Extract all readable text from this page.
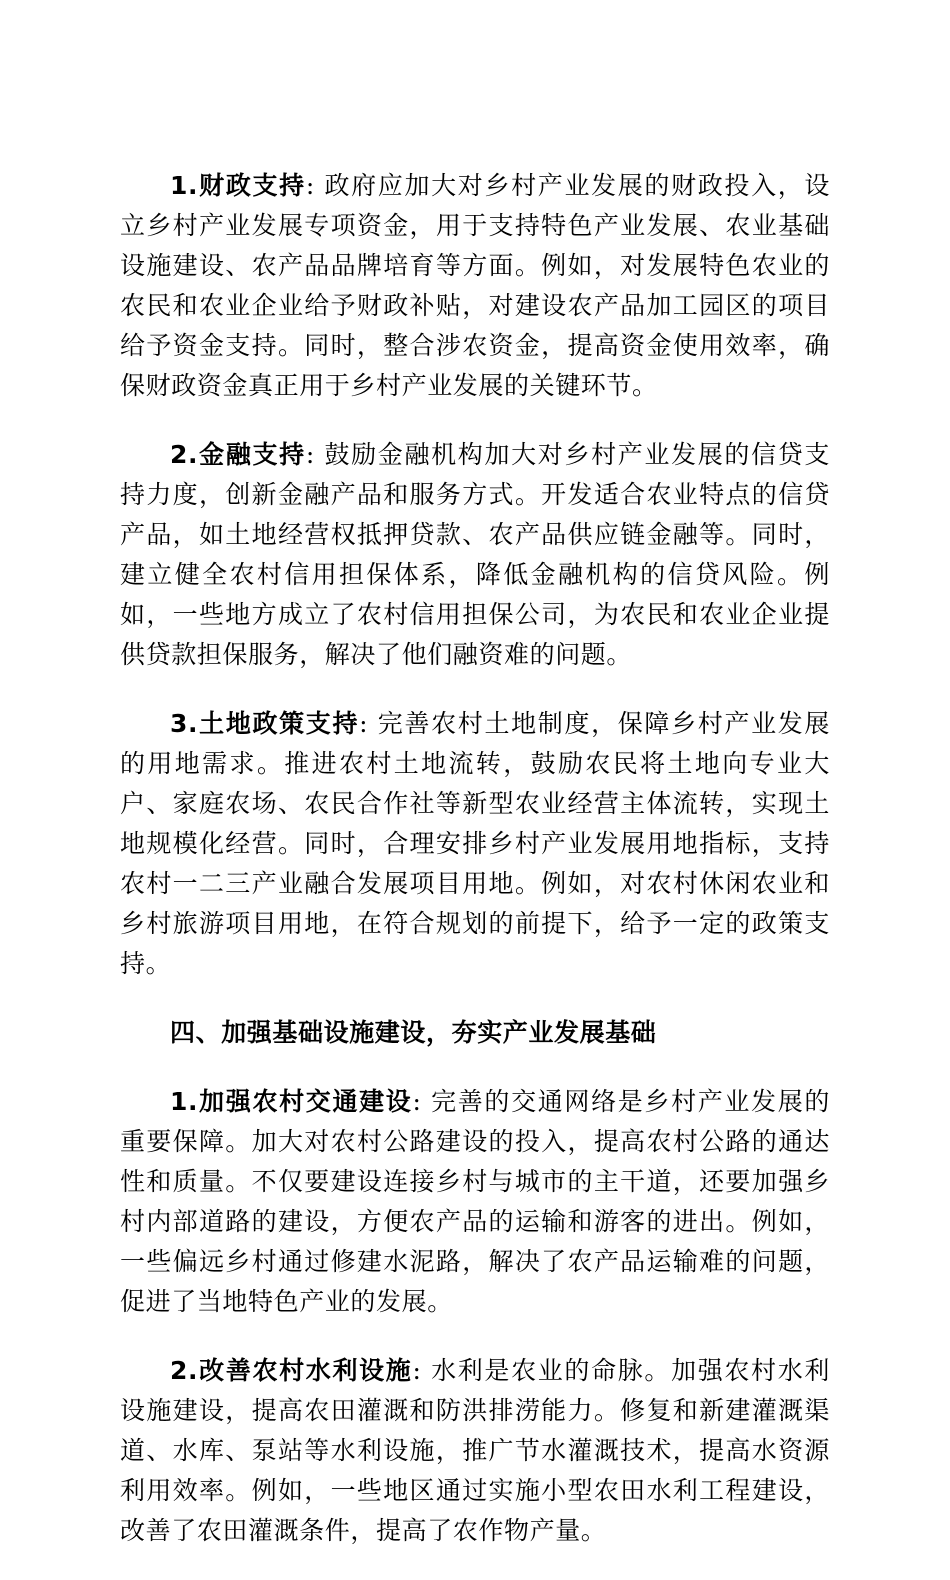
1.财政支持: 政府应加大对乡村产业发展的财政投入，设立乡村产业发展专项资金，用于支持特色产业发展、农业基础设施建设、农产品品牌培育等方面。例如，对发展特色农业的农民和农业企业给予财政补贴，对建设农产品加工园区的项目给予资金支持。同时，整合涉农资金，提高资金使用效率，确保财政资金真正用于乡村产业发展的关键环节。

2.金融支持: 鼓励金融机构加大对乡村产业发展的信贷支持力度，创新金融产品和服务方式。开发适合农业特点的信贷产品，如土地经营权抵押贷款、农产品供应链金融等。同时，建立健全农村信用担保体系，降低金融机构的信贷风险。例如，一些地方成立了农村信用担保公司，为农民和农业企业提供贷款担保服务，解决了他们融资难的问题。

3.土地政策支持: 完善农村土地制度，保障乡村产业发展的用地需求。推进农村土地流转，鼓励农民将土地向专业大户、家庭农场、农民合作社等新型农业经营主体流转，实现土地规模化经营。同时，合理安排乡村产业发展用地指标，支持农村一二三产业融合发展项目用地。例如，对农村休闲农业和乡村旅游项目用地，在符合规划的前提下，给予一定的政策支持。

四、加强基础设施建设，夯实产业发展基础

1.加强农村交通建设: 完善的交通网络是乡村产业发展的重要保障。加大对农村公路建设的投入，提高农村公路的通达性和质量。不仅要建设连接乡村与城市的主干道，还要加强乡村内部道路的建设，方便农产品的运输和游客的进出。例如，一些偏远乡村通过修建水泥路，解决了农产品运输难的问题，促进了当地特色产业的发展。

2.改善农村水利设施: 水利是农业的命脉。加强农村水利设施建设，提高农田灌溉和防洪排涝能力。修复和新建灌溉渠道、水库、泵站等水利设施，推广节水灌溉技术，提高水资源利用效率。例如，一些地区通过实施小型农田水利工程建设，改善了农田灌溉条件，提高了农作物产量。
